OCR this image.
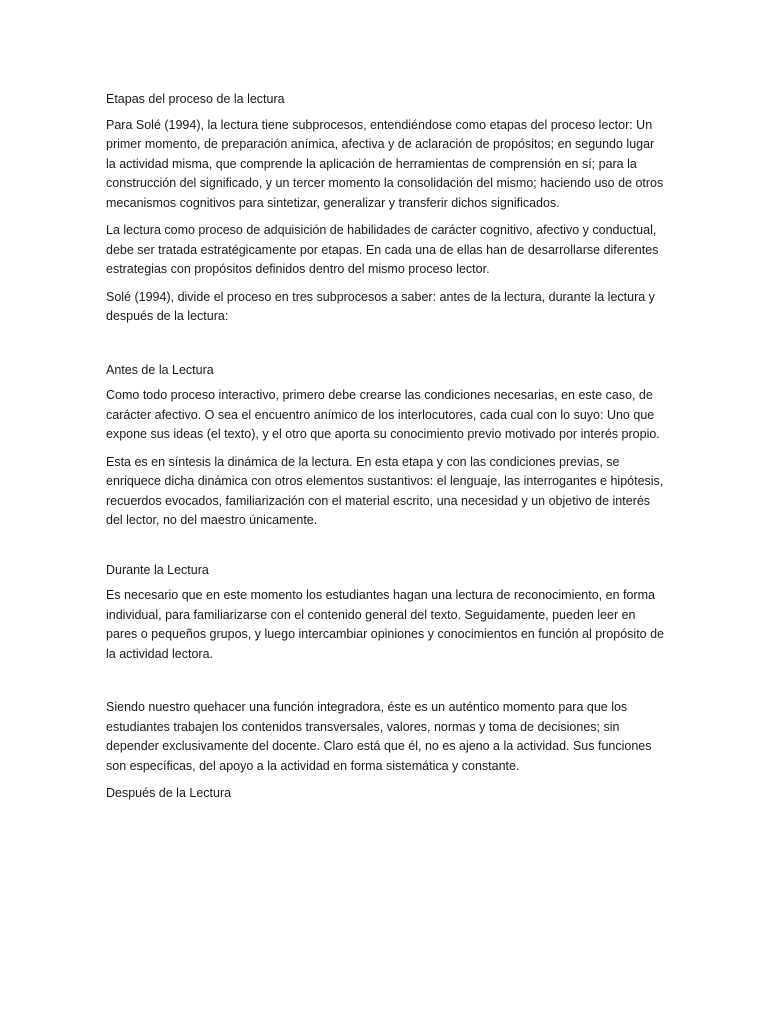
Etapas del proceso de la lectura

Para Solé (1994), la lectura tiene subprocesos, entendiéndose como etapas del proceso lector: Un primer momento, de preparación anímica, afectiva y de aclaración de propósitos; en segundo lugar la actividad misma, que comprende la aplicación de herramientas de comprensión en sí; para la construcción del significado, y un tercer momento la consolidación del mismo; haciendo uso de otros mecanismos cognitivos para sintetizar, generalizar y transferir dichos significados.

La lectura como proceso de adquisición de habilidades de carácter cognitivo, afectivo y conductual, debe ser tratada estratégicamente por etapas. En cada una de ellas han de desarrollarse diferentes estrategias con propósitos definidos dentro del mismo proceso lector.

Solé (1994), divide el proceso en tres subprocesos a saber: antes de la lectura, durante la lectura y después de la lectura:

Antes de la Lectura

Como todo proceso interactivo, primero debe crearse las condiciones necesarias, en este caso, de carácter afectivo. O sea el encuentro anímico de los interlocutores, cada cual con lo suyo: Uno que expone sus ideas (el texto), y el otro que aporta su conocimiento previo motivado por interés propio.

Esta es en síntesis la dinámica de la lectura. En esta etapa y con las condiciones previas, se enriquece dicha dinámica con otros elementos sustantivos: el lenguaje, las interrogantes e hipótesis, recuerdos evocados, familiarización con el material escrito, una necesidad y un objetivo de interés del lector, no del maestro únicamente.

Durante la Lectura

Es necesario que en este momento los estudiantes hagan una lectura de reconocimiento, en forma individual, para familiarizarse con el contenido general del texto. Seguidamente, pueden leer en pares o pequeños grupos, y luego intercambiar opiniones y conocimientos en función al propósito de la actividad lectora.

Siendo nuestro quehacer una función integradora, éste es un auténtico momento para que los estudiantes trabajen los contenidos transversales, valores, normas y toma de decisiones; sin depender exclusivamente del docente. Claro está que él, no es ajeno a la actividad. Sus funciones son específicas, del apoyo a la actividad en forma sistemática y constante.

Después de la Lectura
